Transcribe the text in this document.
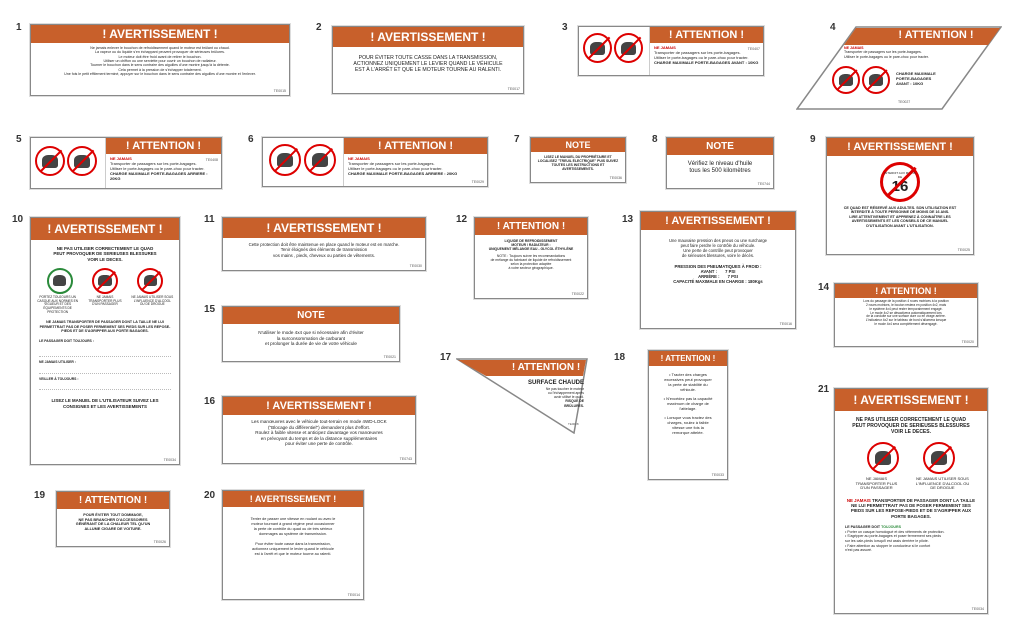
1	! AVERTISSEMENT !
Ne jamais enlever le bouchon de refroidissement quand le moteur est brûlant ou chaud.
La vapeur ou du liquide s'en échappant peuvent provoquer de sérieuses brûlures.
Le moteur doit être froid avant de retirer le bouchon.
Utiliser un chiffon ou une serviette pour ouvrir un bouchon de radiateur.
Tourner le bouchon dans le sens contraire des aiguilles d'une montre jusqu'à la détente.
Cela permet à la pression de s'échapper totalement.
Une fois le petit effilement terminé, appuyer sur le bouchon dans le sens contraire des aiguilles d'une montre et l'enlever.
TE0015
2
! AVERTISSEMENT !
POUR ÉVITER TOUTE CASSE DANS LA TRANSMISSION,
ACTIONNEZ UNIQUEMENT LE LEVIER QUAND LE VÉHICULE
EST À L'ARRÊT ET QUE LE MOTEUR TOURNE AU RALENTI.
TE0017
3
! ATTENTION !
NE JAMAIS
Transporter de passagers sur les porte-bagages.
Utiliser le porte-bagages ou le pare-choc pour tracter.
CHARGE MAXIMALE PORTE-BAGAGES AVANT : 10KG
TE0407
4
! ATTENTION !
NE JAMAIS
Transporter de passagers sur les porte-bagages.
Utiliser le porte-bagages ou le pare-choc pour tracter.
CHARGE MAXIMALE
PORTE-BAGAGES
AVANT : 10KG
TE0027
5
! ATTENTION !
NE JAMAIS
Transporter de passagers sur les porte-bagages.
Utiliser le porte-bagages ou le pare-choc pour tracter.
CHARGE MAXIMALE PORTE-BAGAGES ARRIERE : 20KG
TE0408
6
! ATTENTION !
NE JAMAIS
Transporter de passagers sur les porte-bagages.
Utiliser le porte-bagages ou le pare-choc pour tracter.
CHARGE MAXIMALE PORTE-BAGAGES ARRIERE : 20KG
TE0029
7	NOTE
LISEZ LE MANUEL DU PROPRIÉTAIRE ET
LOCALISEZ "TREUIL ÉLECTRIQUE" PUIS SUIVEZ
TOUTES LES INSTRUCTIONS ET
AVERTISSEMENTS.
TE0036
8
NOTE
Vérifiez le niveau d'huile
tous les 500 kilomètres
TE0744
9
! AVERTISSEMENT !
INTERDIT AUX MOINS DE
16
CE QUAD EST RÉSERVÉ AUX ADULTES. SON UTILISATION EST
INTERDITE À TOUTE PERSONNE DE MOINS DE 16 ANS.
LIRE ATTENTIVEMENT ET APPRENEZ À CONNAÎTRE LES
AVERTISSEMENTS ET LES CONSEILS DE CE MANUEL
D'UTILISATION AVANT L'UTILISATION.
TE0025
10
! AVERTISSEMENT !
NE PAS UTILISER CORRECTEMENT LE QUAD
PEUT PROVOQUER DE SERIEUSES BLESSURES
VOIR LE DECES.
PORTEZ TOUJOURS UN CASQUE AUX NORMES EN VIGUEUR ET DES ÉQUIPEMENTS DE PROTECTION
NE JAMAIS TRANSPORTER PLUS D'UN PASSAGER
NE JAMAIS UTILISER SOUS L'INFLUENCE D'ALCOOL OU DE DROGUE
NE JAMAIS TRANSPORTER DE PASSAGER DONT LA TAILLE NE LUI PERMETTRAIT PAS DE POSER FERMEMENT SES PIEDS SUR LES REPOSE-PIEDS ET DE S'AGRIPPER AUX PORTE BAGAGES.
LE PASSAGER DOIT TOUJOURS :
NE JAMAIS UTILISER :
VEILLER À TOUJOURS :
LISEZ LE MANUEL DE L'UTILISATEUR SUIVEZ LES CONSIGNES ET LES AVERTISSEMENTS
TE0034
11
! AVERTISSEMENT !
Cette protection doit être maintenue en place quand le moteur est en marche.
Tenir éloignés des éléments de transmission
vos mains , pieds, cheveux ou parties de vêtements.
TE0030
12
! ATTENTION !
LIQUIDE DE REFROIDISSEMENT
MOTEUR / RADIATEUR :
UNIQUEMENT MÉLANGE EAU - GLYCOL ÉTHYLÈNE
NOTE : Toujours suivre les recommandations
de mélange du fabricant de liquide de refroidissement
selon la protection adaptée
à votre secteur géographique.
TE0022
13	! AVERTISSEMENT !
Une mauvaise pression des pneus ou une surcharge
peut faire perdre le contrôle du véhicule.
Une perte de contrôle peut provoquer
de sérieuses blessures, voire le décès.
PRESSION DES PNEUMATIQUES À FROID :
AVANT :       7 PSI
ARRIÈRE :       7 PSI
CAPACITÉ MAXIMALE EN CHARGE : 180Kgs
TE0016
14	! ATTENTION !
Lors du passage de la position 4 roues motrices à la position
2 roues motrices, le bouton restera en position 4x2, mais
le système 4x4 peut rester temporairement engagé.
Le mode 4x2 se désactivera automatiquement lors
de la conduite sur une surface dure ou en virage arrière.
L'indicateur 4x2 sur le tableau de bord s'allumera lorsque
le mode 4x4 sera complètement désengagé.
TE0020
15
NOTE
N'utiliser le mode 4x4 que si nécessaire afin d'éviter
la surconsommation de carburant
et prolonger la durée de vie de votre véhicule
TE0021
16	! AVERTISSEMENT !
Les manœuvres avec le véhicule tout-terrain en mode 4WD-LOCK
("Blocage du différentiel") demandent plus d'effort.
Roulez à faible vitesse et anticipez davantage vos manœuvres
en prévoyant du temps et de la distance supplémentaires
pour éviter une perte de contrôle.
TE0743
17
! ATTENTION !
SURFACE CHAUDE
Ne pas toucher le moteur
ou l'échappement après
avoir utilisé le quad.
RISQUE DE
BRÛLURES.
TE0028
18	! ATTENTION !
• Tracter des charges
excessives peut provoquer
la perte de stabilité du
véhicule.
• N'excédez pas la capacité
maximum de charge de
l'attelage.
• Lorsque vous tractez des
charges, roulez à faible
vitesse une fois la
remorque attelée.
TE0033
19	! ATTENTION !
POUR ÉVITER TOUT DOMMAGE,
NE PAS BRANCHER D'ACCESSOIRES
GÉNÉRANT DE LA CHALEUR TEL QU'UN
ALLUME CIGARE DE VOITURE.
TE0026
20	! AVERTISSEMENT !
Tenter de passer une vitesse en roulant ou avec le
moteur tournant à grand régime peut occasionner
la perte de contrôle du quad ou de très sérieux
dommages au système de transmission.
Pour éviter toute casse dans la transmission,
actionnez uniquement le levier quand le véhicule
est à l'arrêt et que le moteur tourne au ralenti.
TE0014
21
! AVERTISSEMENT !
NE PAS UTILISER CORRECTEMENT LE QUAD
PEUT PROVOQUER DE SERIEUSES BLESSURES
VOIR LE DECES.
NE JAMAIS TRANSPORTER PLUS D'UN PASSAGER
NE JAMAIS UTILISER SOUS L'INFLUENCE D'ALCOOL OU DE DROGUE
NE JAMAIS TRANSPORTER DE PASSAGER DONT LA TAILLE NE LUI PERMETTRAIT PAS DE POSER FERMEMENT SES PIEDS SUR LES REPOSE-PIEDS ET DE S'AGRIPPER AUX PORTE BAGAGES.
LE PASSAGER DOIT TOUJOURS
• Porter un casque homologué et des vêtements de protection.
• S'agripper au porte-bagages et poser fermement ses pieds
sur les cale-pieds lorsqu'il est assis derrière le pilote.
• Faire attention au stopper le conducteur si le confort
n'est pas assuré.
TE0034
